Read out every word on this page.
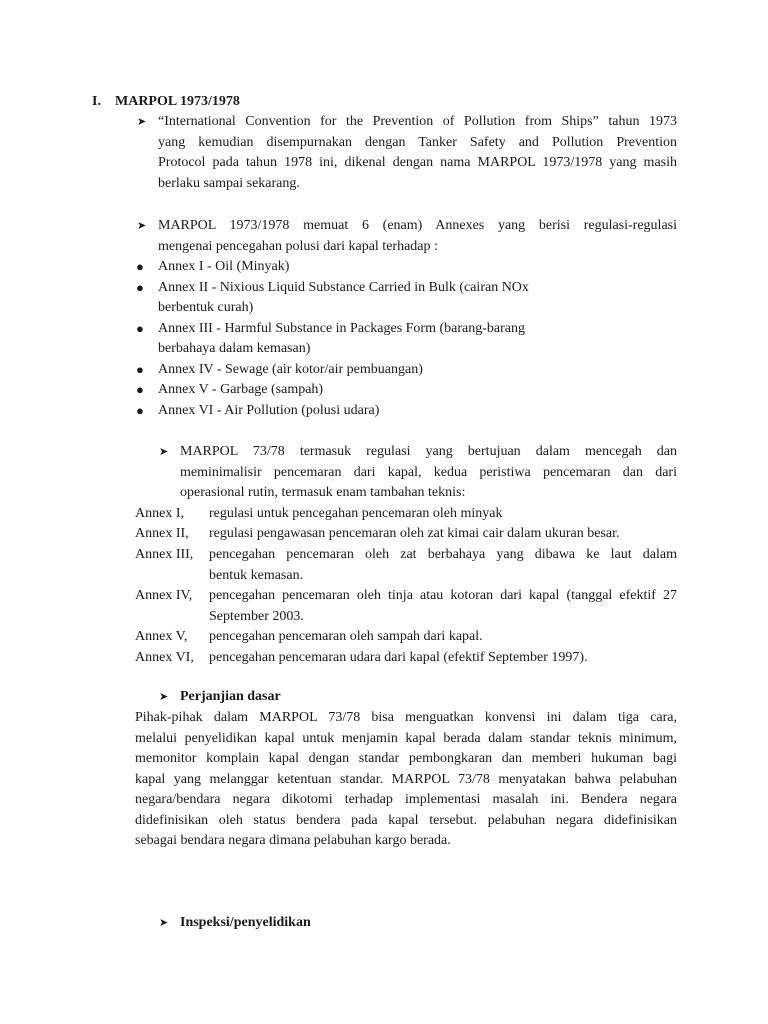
I. MARPOL 1973/1978
➤ “International Convention for the Prevention of Pollution from Ships” tahun 1973
yang kemudian disempurnakan dengan Tanker Safety and Pollution Prevention
Protocol pada tahun 1978 ini, dikenal dengan nama MARPOL 1973/1978 yang masih
berlaku sampai sekarang.
➤ MARPOL 1973/1978 memuat 6 (enam) Annexes yang berisi regulasi-regulasi
mengenai pencegahan polusi dari kapal terhadap :
● Annex I - Oil (Minyak)
● Annex II - Nixious Liquid Substance Carried in Bulk (cairan NOx
berbentuk curah)
● Annex III - Harmful Substance in Packages Form (barang-barang
berbahaya dalam kemasan)
● Annex IV - Sewage (air kotor/air pembuangan)
● Annex V - Garbage (sampah)
● Annex VI - Air Pollution (polusi udara)
➤ MARPOL 73/78 termasuk regulasi yang bertujuan dalam mencegah dan
meminimalisir pencemaran dari kapal, kedua peristiwa pencemaran dan dari
operasional rutin, termasuk enam tambahan teknis:
Annex I, regulasi untuk pencegahan pencemaran oleh minyak
Annex II, regulasi pengawasan pencemaran oleh zat kimai cair dalam ukuran besar.
Annex III, pencegahan pencemaran oleh zat berbahaya yang dibawa ke laut dalam
bentuk kemasan.
Annex IV, pencegahan pencemaran oleh tinja atau kotoran dari kapal (tanggal efektif 27
September 2003.
Annex V, pencegahan pencemaran oleh sampah dari kapal.
Annex VI, pencegahan pencemaran udara dari kapal (efektif September 1997).
➤ Perjanjian dasar
Pihak-pihak dalam MARPOL 73/78 bisa menguatkan konvensi ini dalam tiga cara,
melalui penyelidikan kapal untuk menjamin kapal berada dalam standar teknis minimum,
memonitor komplain kapal dengan standar pembongkaran dan memberi hukuman bagi
kapal yang melanggar ketentuan standar. MARPOL 73/78 menyatakan bahwa pelabuhan
negara/bendara negara dikotomi terhadap implementasi masalah ini. Bendera negara
didefinisikan oleh status bendera pada kapal tersebut. pelabuhan negara didefinisikan
sebagai bendara negara dimana pelabuhan kargo berada.
➤ Inspeksi/penyelidikan
